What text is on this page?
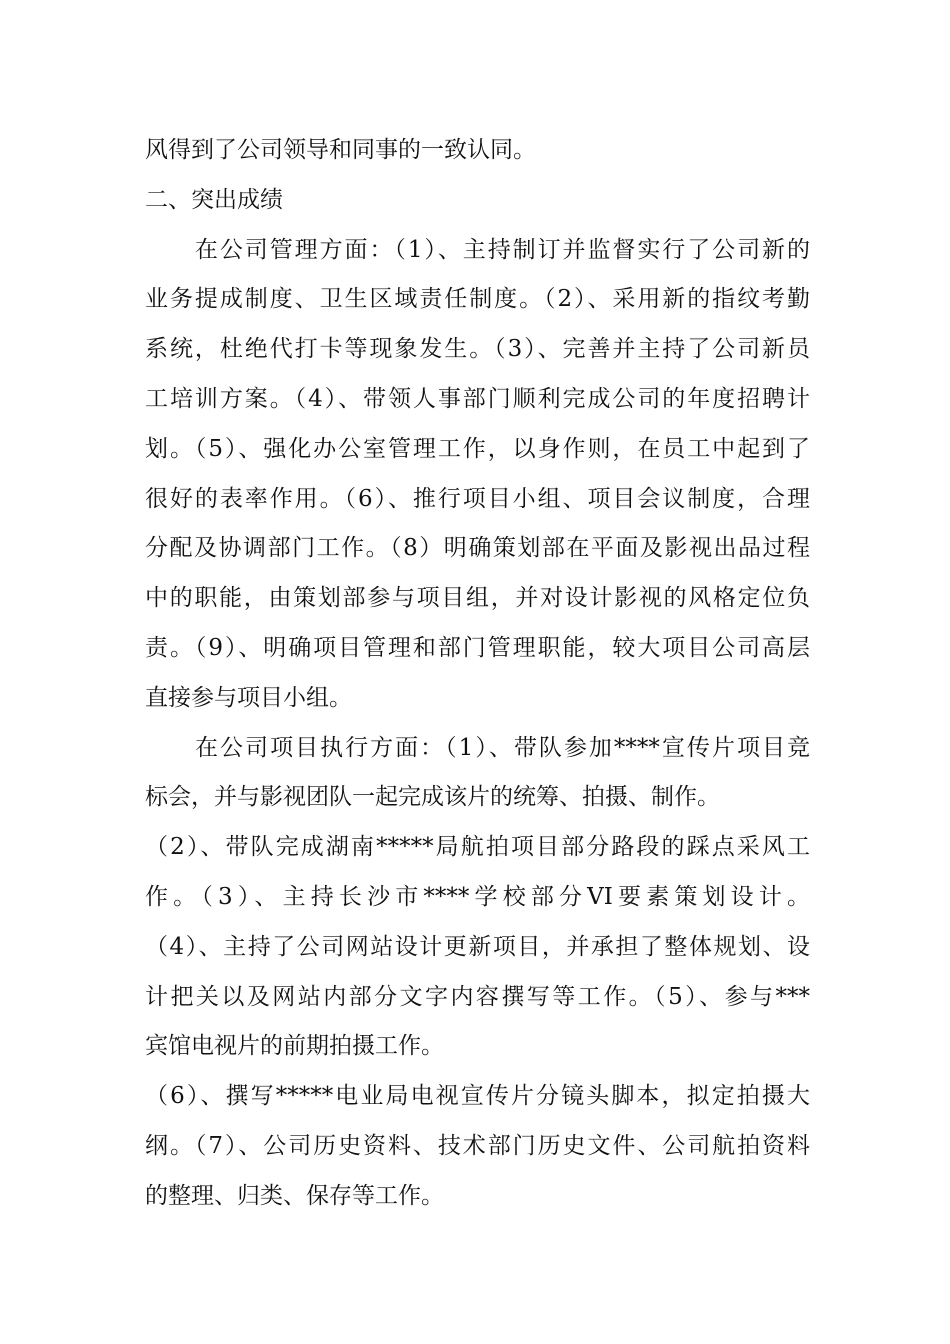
风得到了公司领导和同事的一致认同。
二、突出成绩
　　在公司管理方面：（1）、主持制订并监督实行了公司新的
业务提成制度、卫生区域责任制度。（2）、采用新的指纹考勤
系统，杜绝代打卡等现象发生。（3）、完善并主持了公司新员
工培训方案。（4）、带领人事部门顺利完成公司的年度招聘计
划。（5）、强化办公室管理工作，以身作则，在员工中起到了
很好的表率作用。（6）、推行项目小组、项目会议制度，合理
分配及协调部门工作。（8）明确策划部在平面及影视出品过程
中的职能，由策划部参与项目组，并对设计影视的风格定位负
责。（9）、明确项目管理和部门管理职能，较大项目公司高层
直接参与项目小组。
　　在公司项目执行方面：（1）、带队参加****宣传片项目竞
标会，并与影视团队一起完成该片的统筹、拍摄、制作。
（2）、带队完成湖南*****局航拍项目部分路段的踩点采风工
作。（3）、主持长沙市****学校部分VI要素策划设计。
（4）、主持了公司网站设计更新项目，并承担了整体规划、设
计把关以及网站内部分文字内容撰写等工作。（5）、参与***
宾馆电视片的前期拍摄工作。
（6）、撰写*****电业局电视宣传片分镜头脚本，拟定拍摄大
纲。（7）、公司历史资料、技术部门历史文件、公司航拍资料
的整理、归类、保存等工作。
